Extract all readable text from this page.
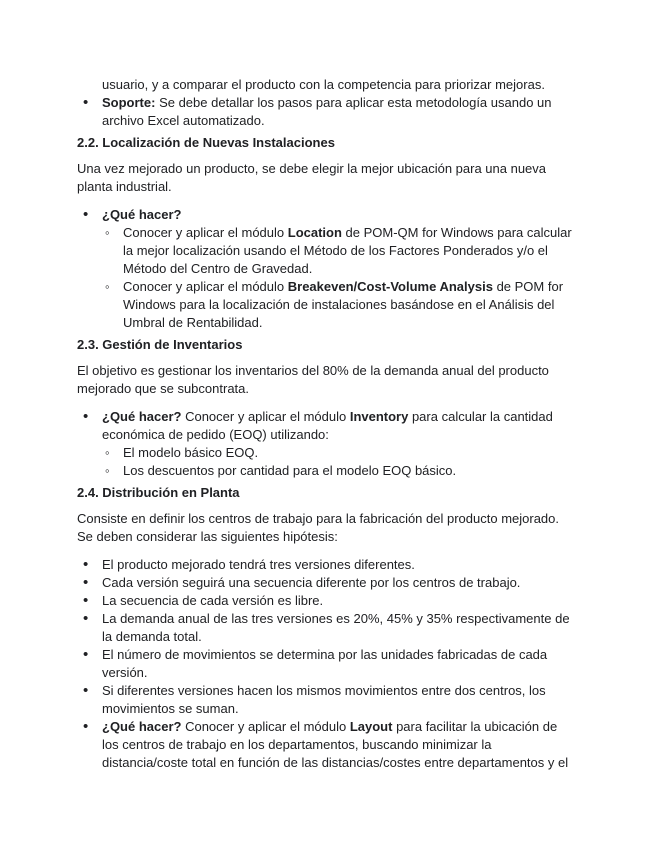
usuario, y a comparar el producto con la competencia para priorizar mejoras.

• Soporte: Se debe detallar los pasos para aplicar esta metodología usando un archivo Excel automatizado.
2.2. Localización de Nuevas Instalaciones

Una vez mejorado un producto, se debe elegir la mejor ubicación para una nueva planta industrial.

• ¿Qué hacer?
◦ Conocer y aplicar el módulo Location de POM-QM for Windows para calcular la mejor localización usando el Método de los Factores Ponderados y/o el Método del Centro de Gravedad.
◦ Conocer y aplicar el módulo Breakeven/Cost-Volume Analysis de POM for Windows para la localización de instalaciones basándose en el Análisis del Umbral de Rentabilidad.
2.3. Gestión de Inventarios

El objetivo es gestionar los inventarios del 80% de la demanda anual del producto mejorado que se subcontrata.

• ¿Qué hacer? Conocer y aplicar el módulo Inventory para calcular la cantidad económica de pedido (EOQ) utilizando:
◦ El modelo básico EOQ.
◦ Los descuentos por cantidad para el modelo EOQ básico.
2.4. Distribución en Planta

Consiste en definir los centros de trabajo para la fabricación del producto mejorado. Se deben considerar las siguientes hipótesis:

• El producto mejorado tendrá tres versiones diferentes.
• Cada versión seguirá una secuencia diferente por los centros de trabajo.
• La secuencia de cada versión es libre.
• La demanda anual de las tres versiones es 20%, 45% y 35% respectivamente de la demanda total.
• El número de movimientos se determina por las unidades fabricadas de cada versión.
• Si diferentes versiones hacen los mismos movimientos entre dos centros, los movimientos se suman.
• ¿Qué hacer? Conocer y aplicar el módulo Layout para facilitar la ubicación de los centros de trabajo en los departamentos, buscando minimizar la distancia/coste total en función de las distancias/costes entre departamentos y el
